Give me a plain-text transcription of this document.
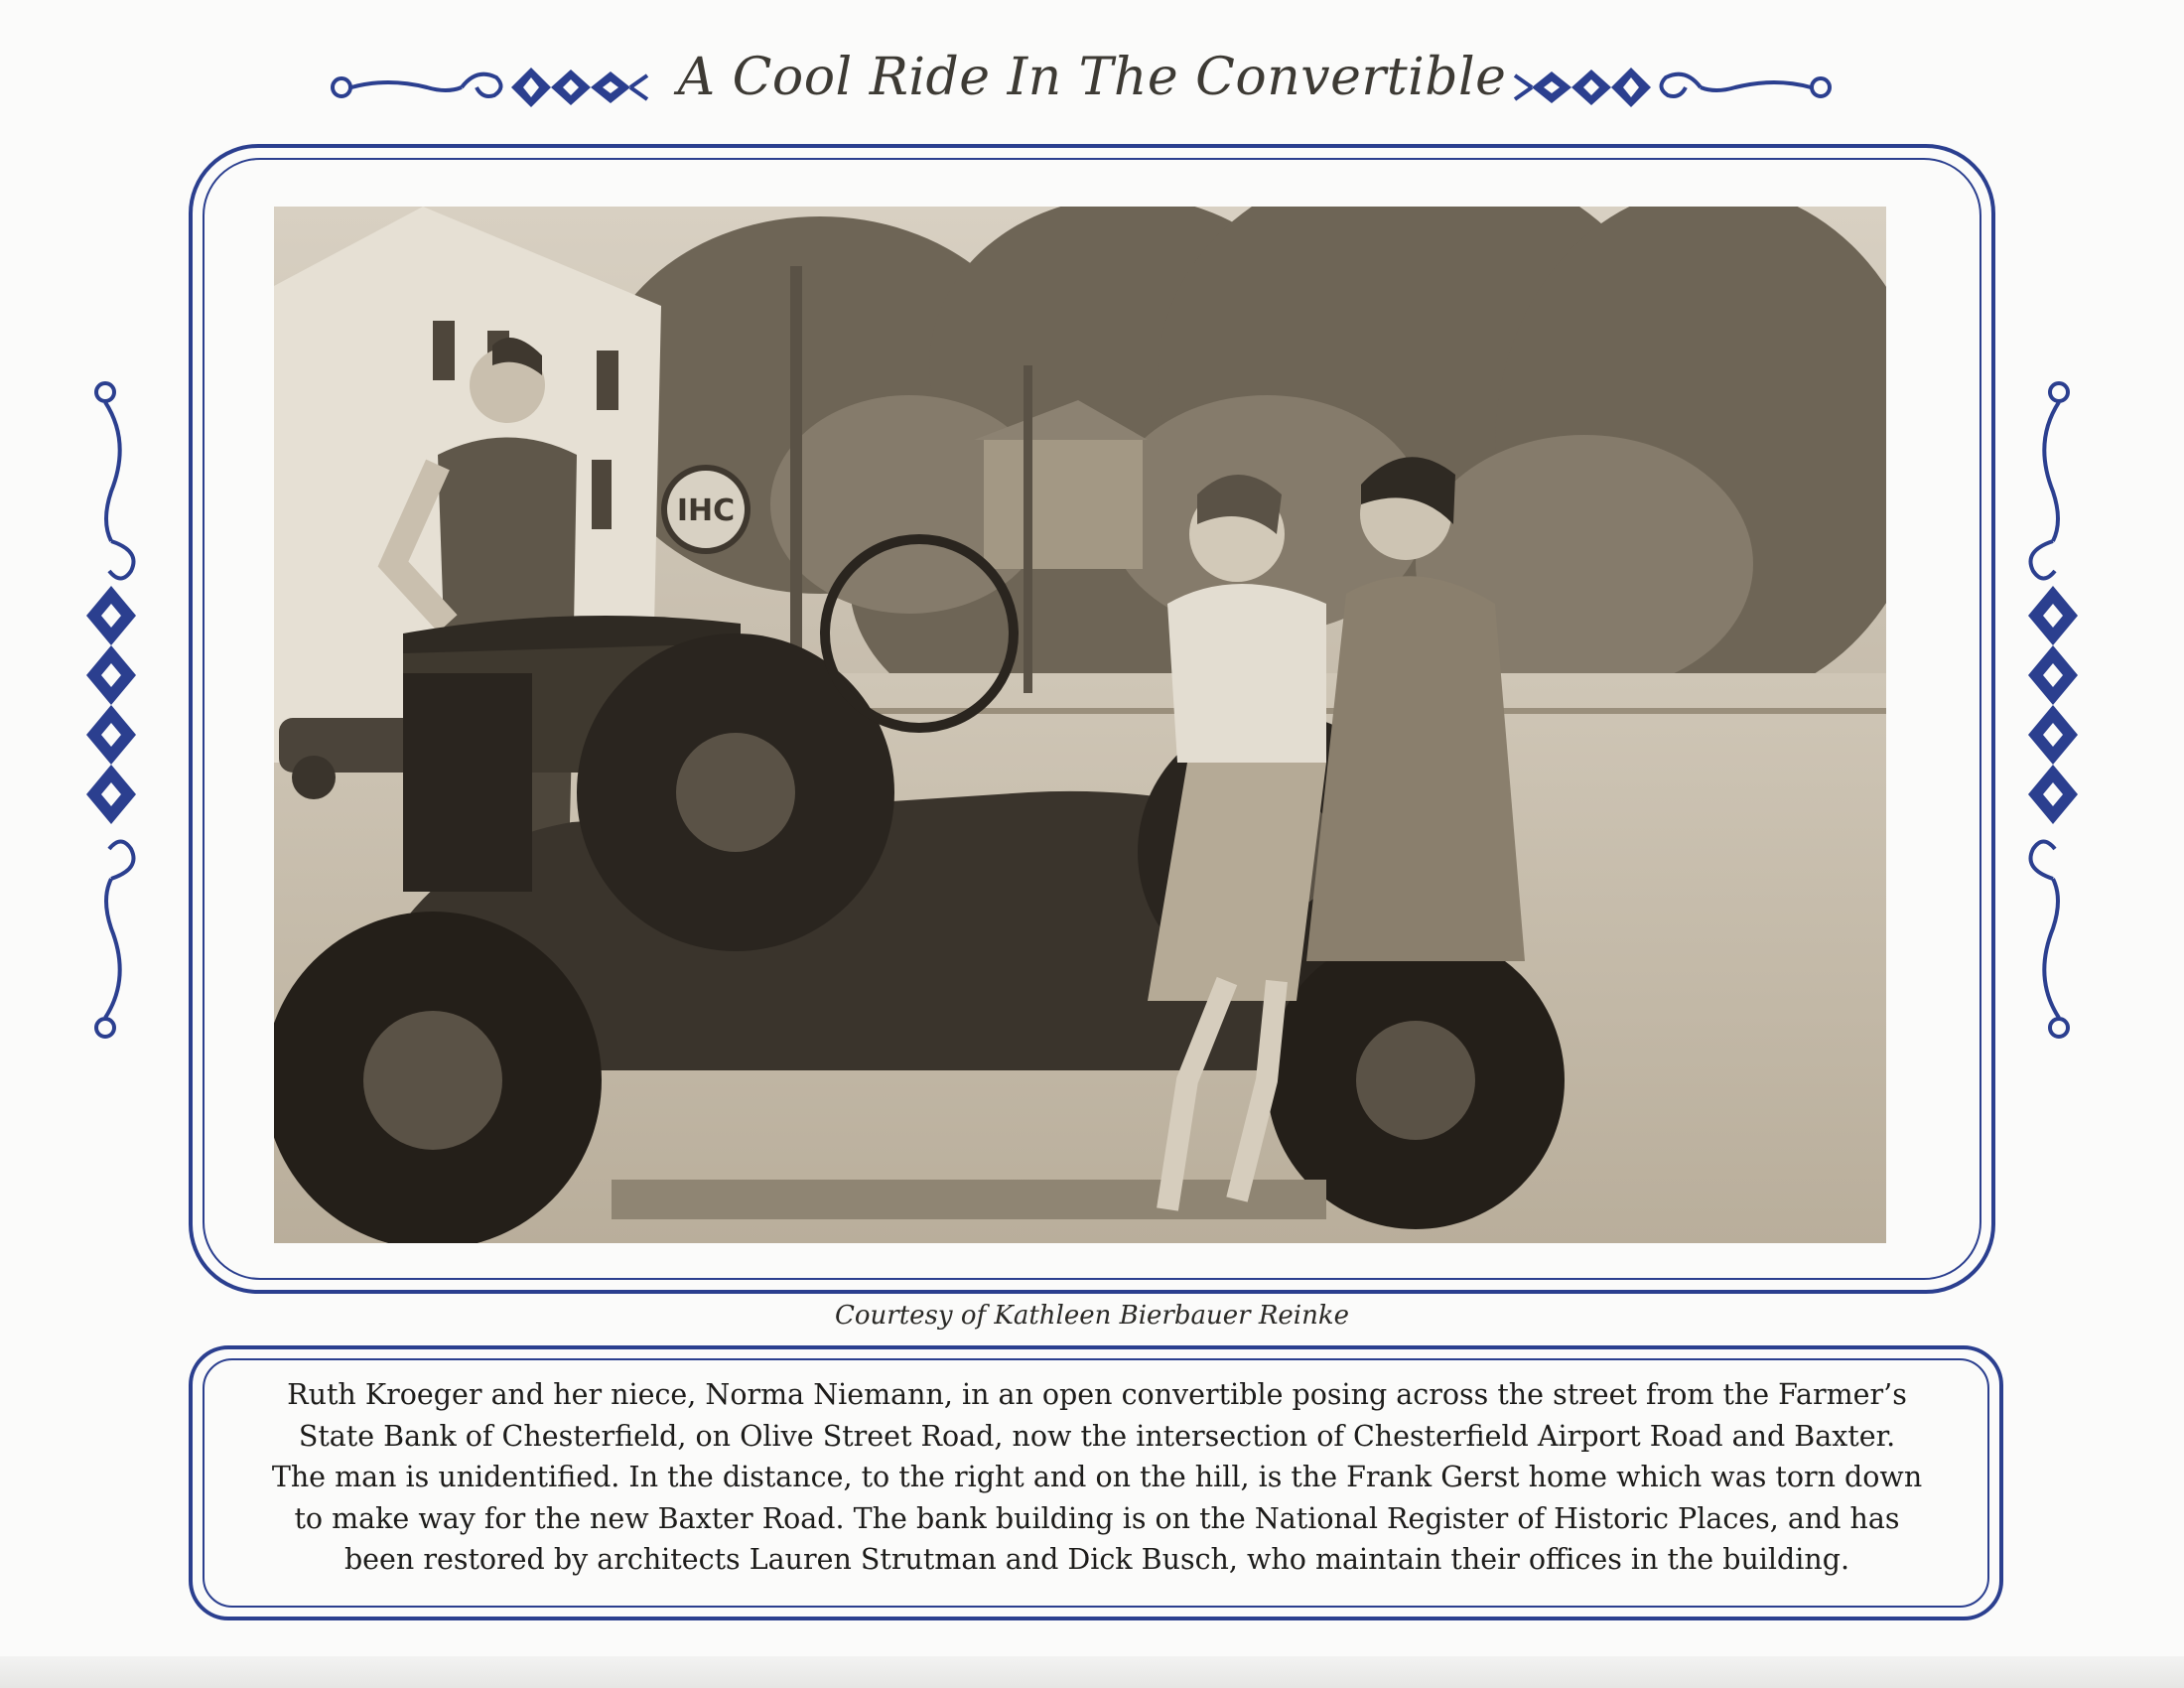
A Cool Ride In The Convertible
IHC
Courtesy of Kathleen Bierbauer Reinke
Ruth Kroeger and her niece, Norma Niemann, in an open convertible posing across the street from the Farmer’s
State Bank of Chesterfield, on Olive Street Road, now the intersection of Chesterfield Airport Road and Baxter.
The man is unidentified. In the distance, to the right and on the hill, is the Frank Gerst home which was torn down
to make way for the new Baxter Road. The bank building is on the National Register of Historic Places, and has
been restored by architects Lauren Strutman and Dick Busch, who maintain their offices in the building.
